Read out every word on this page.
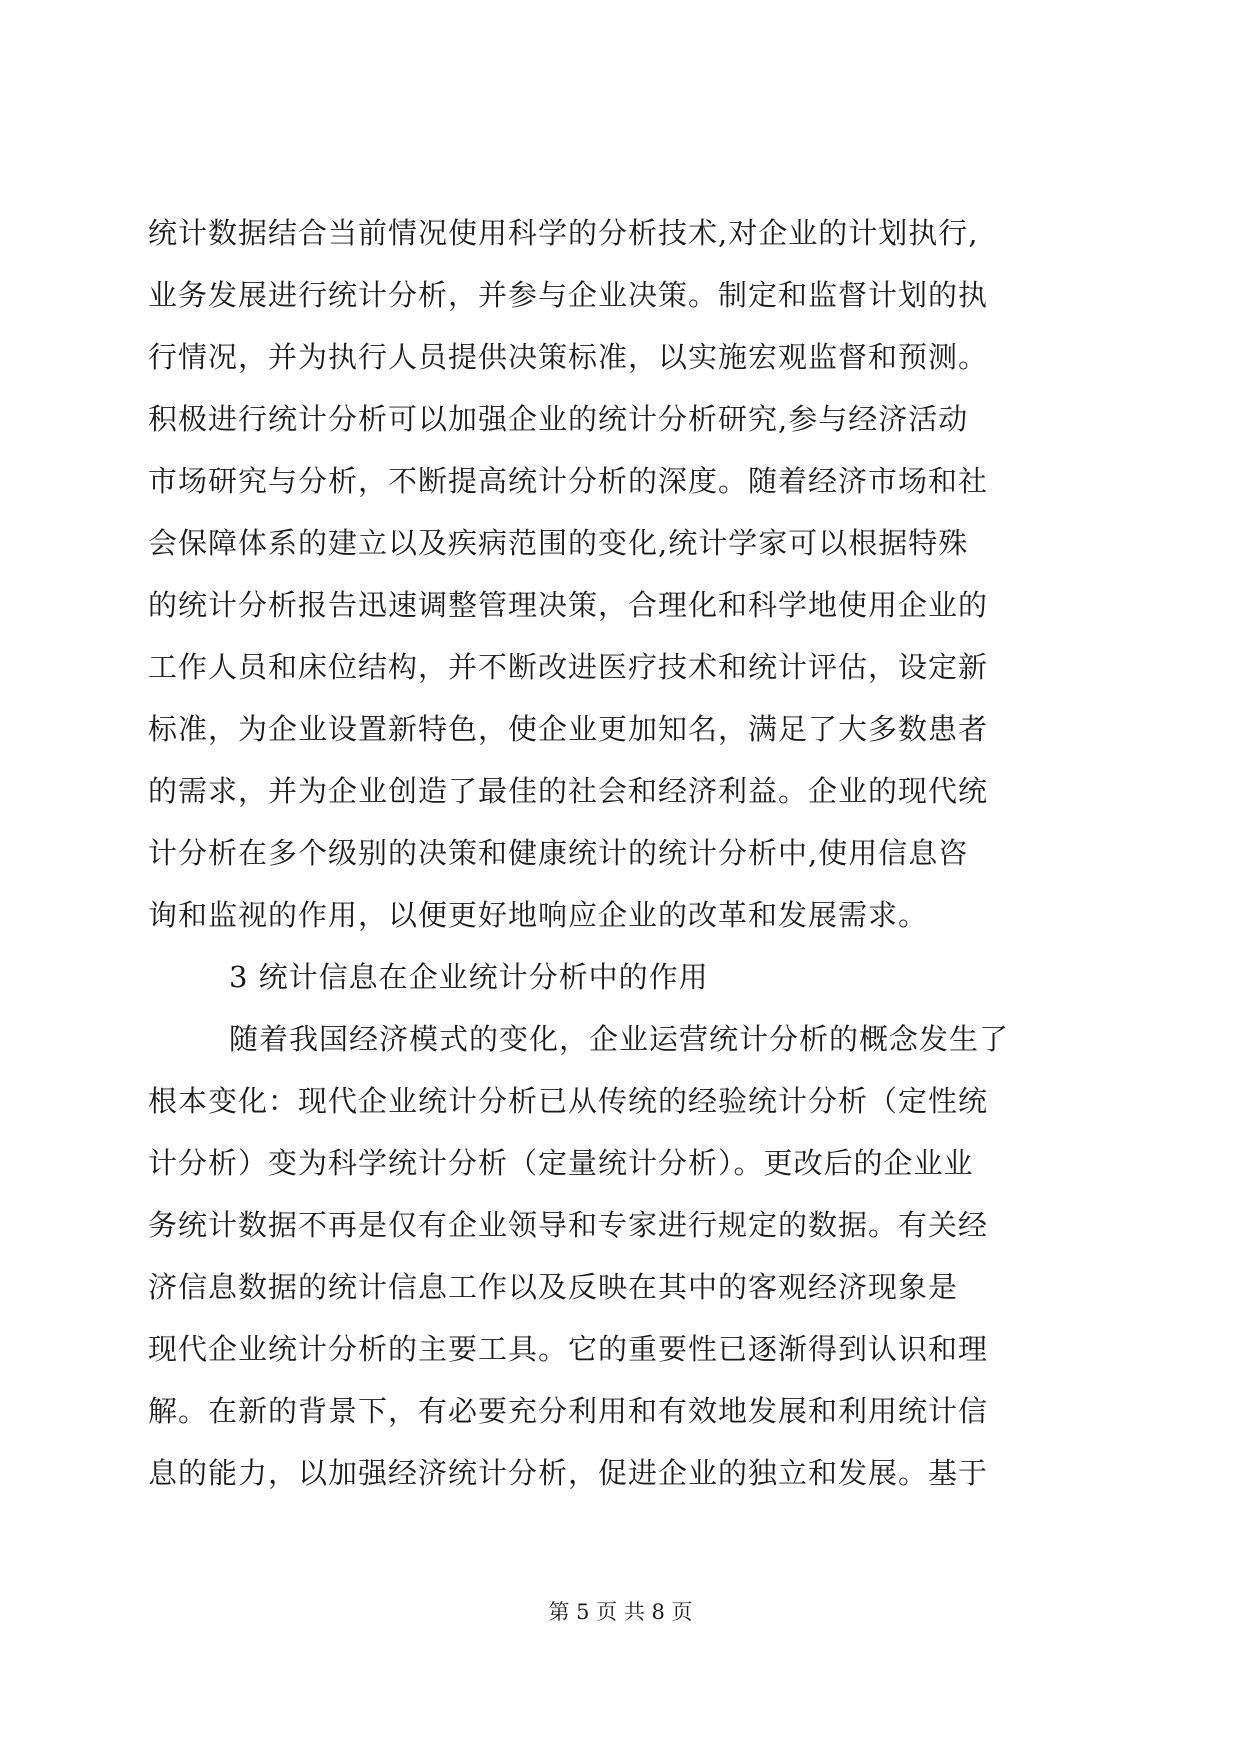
统计数据结合当前情况使用科学的分析技术,对企业的计划执行,
业务发展进行统计分析，并参与企业决策。制定和监督计划的执
行情况，并为执行人员提供决策标准，以实施宏观监督和预测。
积极进行统计分析可以加强企业的统计分析研究,参与经济活动
市场研究与分析，不断提高统计分析的深度。随着经济市场和社
会保障体系的建立以及疾病范围的变化,统计学家可以根据特殊
的统计分析报告迅速调整管理决策，合理化和科学地使用企业的
工作人员和床位结构，并不断改进医疗技术和统计评估，设定新
标准，为企业设置新特色，使企业更加知名，满足了大多数患者
的需求，并为企业创造了最佳的社会和经济利益。企业的现代统
计分析在多个级别的决策和健康统计的统计分析中,使用信息咨
询和监视的作用，以便更好地响应企业的改革和发展需求。
3 统计信息在企业统计分析中的作用
随着我国经济模式的变化，企业运营统计分析的概念发生了
根本变化：现代企业统计分析已从传统的经验统计分析（定性统
计分析）变为科学统计分析（定量统计分析）。更改后的企业业
务统计数据不再是仅有企业领导和专家进行规定的数据。有关经
济信息数据的统计信息工作以及反映在其中的客观经济现象是
现代企业统计分析的主要工具。它的重要性已逐渐得到认识和理
解。在新的背景下，有必要充分利用和有效地发展和利用统计信
息的能力，以加强经济统计分析，促进企业的独立和发展。基于
第 5 页 共 8 页
